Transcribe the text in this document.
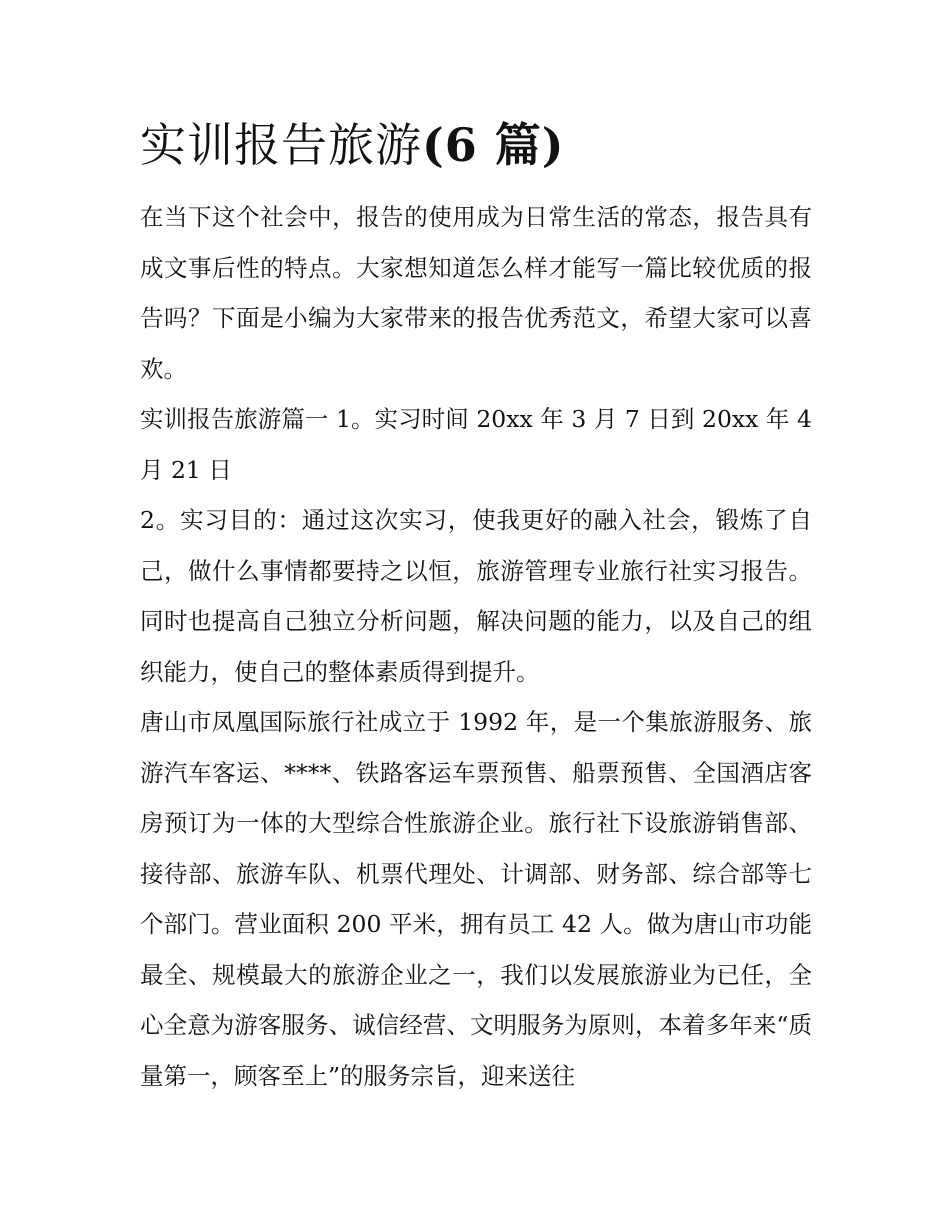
实训报告旅游(6 篇)

在当下这个社会中，报告的使用成为日常生活的常态，报告具有成文事后性的特点。大家想知道怎么样才能写一篇比较优质的报告吗？下面是小编为大家带来的报告优秀范文，希望大家可以喜欢。

实训报告旅游篇一 1。实习时间 20xx 年 3 月 7 日到 20xx 年 4 月 21 日

2。实习目的：通过这次实习，使我更好的融入社会，锻炼了自己，做什么事情都要持之以恒，旅游管理专业旅行社实习报告。同时也提高自己独立分析问题，解决问题的能力，以及自己的组织能力，使自己的整体素质得到提升。

唐山市凤凰国际旅行社成立于 1992 年，是一个集旅游服务、旅游汽车客运、****、铁路客运车票预售、船票预售、全国酒店客房预订为一体的大型综合性旅游企业。旅行社下设旅游销售部、接待部、旅游车队、机票代理处、计调部、财务部、综合部等七个部门。营业面积 200 平米，拥有员工 42 人。做为唐山市功能最全、规模最大的旅游企业之一，我们以发展旅游业为已任，全心全意为游客服务、诚信经营、文明服务为原则，本着多年来“质量第一，顾客至上”的服务宗旨，迎来送往
